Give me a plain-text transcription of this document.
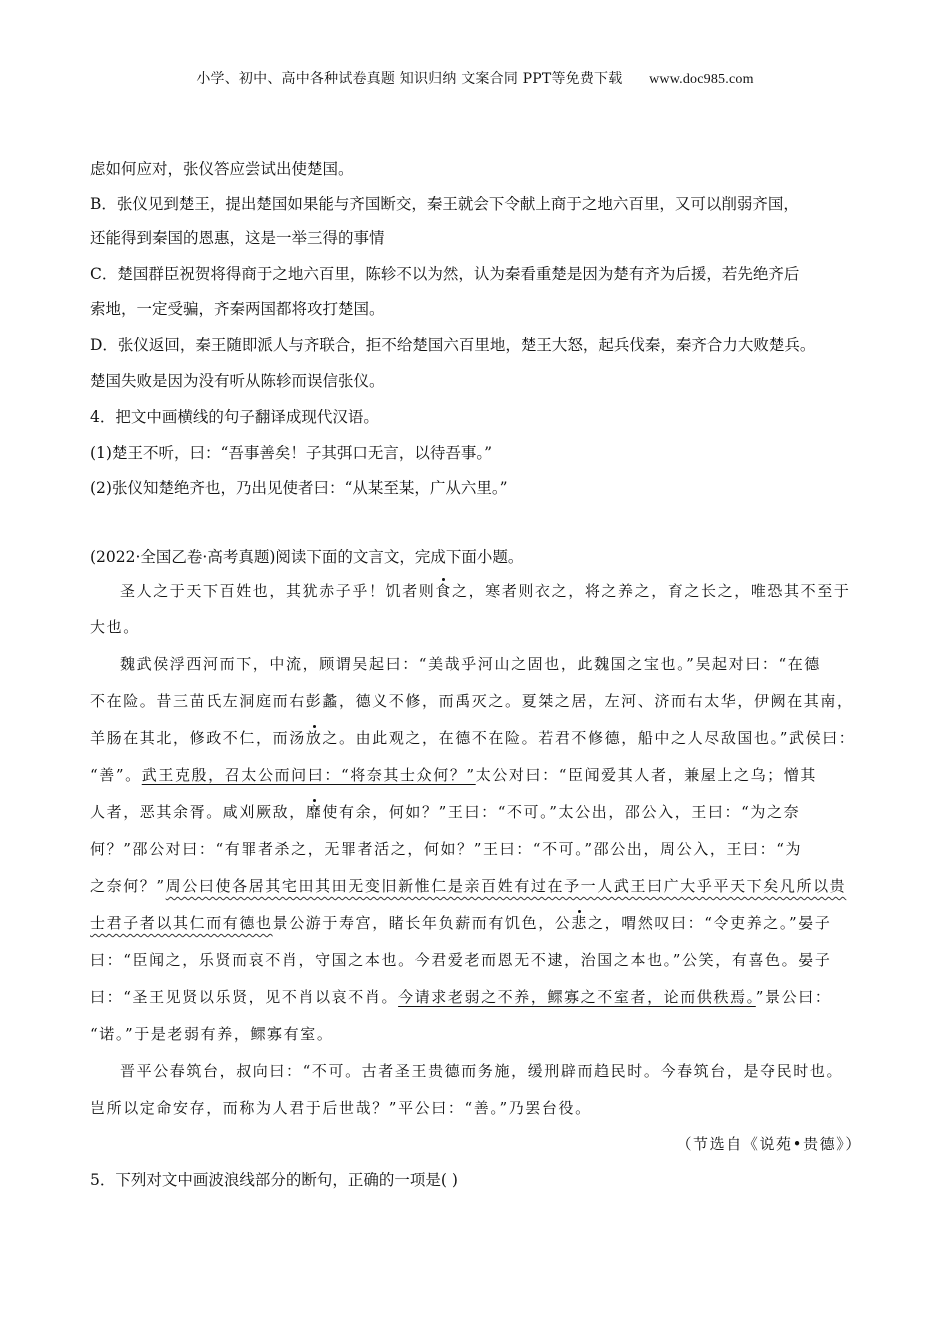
小学、初中、高中各种试卷真题 知识归纳 文案合同 PPT等免费下载 www.doc985.com
虑如何应对，张仪答应尝试出使楚国。
B．张仪见到楚王，提出楚国如果能与齐国断交，秦王就会下令献上商于之地六百里，又可以削弱齐国，
还能得到秦国的恩惠，这是一举三得的事情
C．楚国群臣祝贺将得商于之地六百里，陈轸不以为然，认为秦看重楚是因为楚有齐为后援，若先绝齐后
索地，一定受骗，齐秦两国都将攻打楚国。
D．张仪返回，秦王随即派人与齐联合，拒不给楚国六百里地，楚王大怒，起兵伐秦，秦齐合力大败楚兵。
楚国失败是因为没有听从陈轸而误信张仪。
4．把文中画横线的句子翻译成现代汉语。
(1)楚王不听，曰：“吾事善矣！子其弭口无言，以待吾事。”
(2)张仪知楚绝齐也，乃出见使者曰：“从某至某，广从六里。”
(2022·全国乙卷·高考真题)阅读下面的文言文，完成下面小题。
圣人之于天下百姓也，其犹赤子乎！饥者则食之，寒者则衣之，将之养之，育之长之，唯恐其不至于
大也。
魏武侯浮西河而下，中流，顾谓吴起曰：“美哉乎河山之固也，此魏国之宝也。”吴起对曰：“在德
不在险。昔三苗氏左洞庭而右彭蠡，德义不修，而禹灭之。夏桀之居，左河、济而右太华，伊阙在其南，
羊肠在其北，修政不仁，而汤放之。由此观之，在德不在险。若君不修德，船中之人尽敌国也。”武侯曰：
“善”。武王克殷，召太公而问曰：“将奈其士众何？”太公对曰：“臣闻爱其人者，兼屋上之乌；憎其
人者，恶其余胥。咸刈厥敌，靡使有余，何如？”王曰：“不可。”太公出，邵公入，王曰：“为之奈
何？”邵公对曰：“有罪者杀之，无罪者活之，何如？”王曰：“不可。”邵公出，周公入，王曰：“为
之奈何？”周公曰使各居其宅田其田无变旧新惟仁是亲百姓有过在予一人武王曰广大乎平天下矣凡所以贵
士君子者以其仁而有德也景公游于寿宫，睹长年负薪而有饥色，公悲之，喟然叹曰：“令吏养之。”晏子
曰：“臣闻之，乐贤而哀不肖，守国之本也。今君爱老而恩无不逮，治国之本也。”公笑，有喜色。晏子
曰：“圣王见贤以乐贤，见不肖以哀不肖。今请求老弱之不养，鳏寡之不室者，论而供秩焉。”景公曰：
“诺。”于是老弱有养，鳏寡有室。
晋平公春筑台，叔向曰：“不可。古者圣王贵德而务施，缓刑辟而趋民时。今春筑台，是夺民时也。
岂所以定命安存，而称为人君于后世哉？”平公曰：“善。”乃罢台役。
（节选自《说苑•贵德》）
5．下列对文中画波浪线部分的断句，正确的一项是( )
